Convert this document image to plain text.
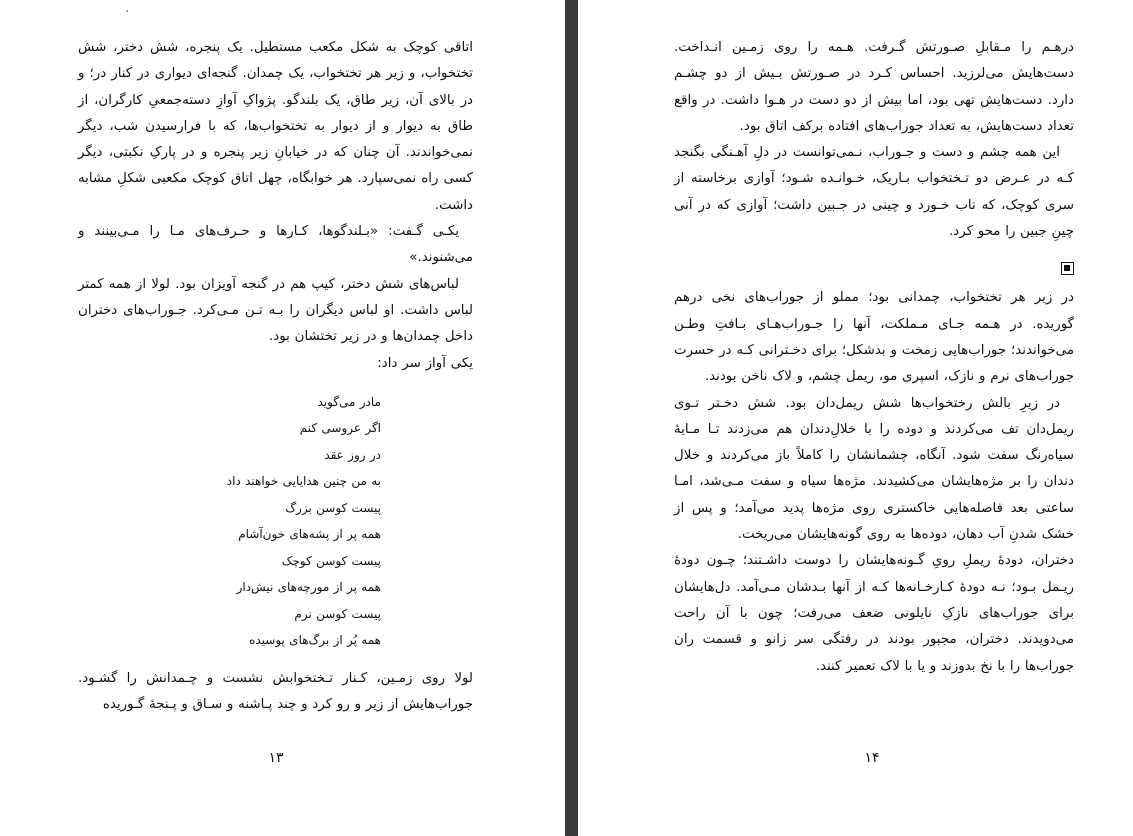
اتاقی کوچک به شکل مکعب مستطیل. یک پنجره، شش دختر، شش تختخواب، و زیر هر تختخواب، یک چمدان. گنجه‌ای دیواری در کنار در؛ و در بالای آن، زیر طاق، یک بلندگو. پژواکِ آوازِ دسته‌جمعیِ کارگران، از طاق به دیوار و از دیوار به تختخواب‌ها، که با فرارسیدن شب، دیگر نمی‌خواندند. آن چنان که در خیابانِ زیر پنجره و در پارکِ نکبتی، دیگر کسی راه نمی‌سپارد. هر خوابگاه، چهل اتاق کوچک مکعبی شکلِ مشابه داشت.

یکـی گـفت: «بـلندگوها، کـارها و حـرف‌های مـا را مـی‌بینند و می‌شنوند.»

لباس‌های شش دختر، کیپ هم در گنجه آویزان بود. لولا از همه کمتر لباس داشت. او لباس دیگران را بـه تـن مـی‌کرد. جـوراب‌های دختران داخل چمدان‌ها و در زیر تختشان بود.

یکی آواز سر داد:

مادر می‌گوید
اگر عروسی کنم
در روز عقد
به من چنین هدایایی خواهند داد
پیست کوسن بزرگ
همه پر از پشه‌های خون‌آشام
پیست کوسن کوچک
همه پر از مورچه‌های نیش‌دار
پیست کوسن نرم
همه پُر از برگ‌های پوسیده

لولا روی زمـین، کـنار تـختخوابش نشست و چـمدانش را گشـود. جوراب‌هایش از زیر و رو کرد و چند پـاشنه و سـاق و پـنجهٔ گـوریده

۱۳

درهـم را مـقابلِ صـورتش گـرفت. هـمه را روی زمـین انـداخت. دست‌هایش می‌لرزید. احساس کـرد در صـورتش بـیش از دو چشـم دارد. دست‌هایش تهی بود، اما بیش از دو دست در هـوا داشت. در واقع تعداد دست‌هایش، به تعداد جوراب‌های افتاده برکف اتاق بود.

این همه چشم و دست و جـوراب، نـمی‌توانست در دلِ آهـنگی بگنجد کـه در عـرض دو تـختخواب بـاریک، خـوانـده شـود؛ آوازی برخاسته از سری کوچک، که تاب خـورد و چینی در جـبین داشت؛ آوازی که در آنی چینِ جبین را محو کرد.

در زیر هر تختخواب، چمدانی بود؛ مملو از جوراب‌های نخی درهم گوریده. در هـمه جـای مـملکت، آنها را جـوراب‌هـای بـافتِ وطـن می‌خواندند؛ جوراب‌هایی زمخت و بدشکل؛ برای دخـترانی کـه در حسرت جوراب‌های نرم و نازک، اسپری مو، ریمل چشم، و لاک ناخن بودند.

در زیرِ بالش رختخواب‌ها شش ریمل‌دان بود. شش دخـتر تـوی ریمل‌دان تف می‌کردند و دوده را با خلالِ‌دندان هم می‌زدند تـا مـایهٔ سیاه‌رنگ سفت شود. آنگاه، چشمانشان را کاملاً باز می‌کردند و خلال دندان را بر مژه‌هایشان می‌کشیدند. مژه‌ها سیاه و سفت مـی‌شد، امـا ساعتی بعد فاصله‌هایی خاکستری روی مژه‌ها پدید می‌آمد؛ و پس از خشک شدنِ آب دهان، دوده‌ها به روی گونه‌هایشان می‌ریخت.

دختران، دودهٔ ریملِ رویِ گـونه‌هایشان را دوست داشـتند؛ چـون دودهٔ ریـمل بـود؛ نـه دودهٔ کـارخـانه‌ها کـه از آنها بـدشان مـی‌آمد. دل‌هایشان برای جوراب‌های نازکِ نایلونی ضعف می‌رفت؛ چون با آن راحت می‌دویدند. دختران، مجبور بودند در رفتگی سر زانو و قسمت ران جوراب‌ها را با نخ بدوزند و یا با لاک تعمیر کنند.

۱۴
